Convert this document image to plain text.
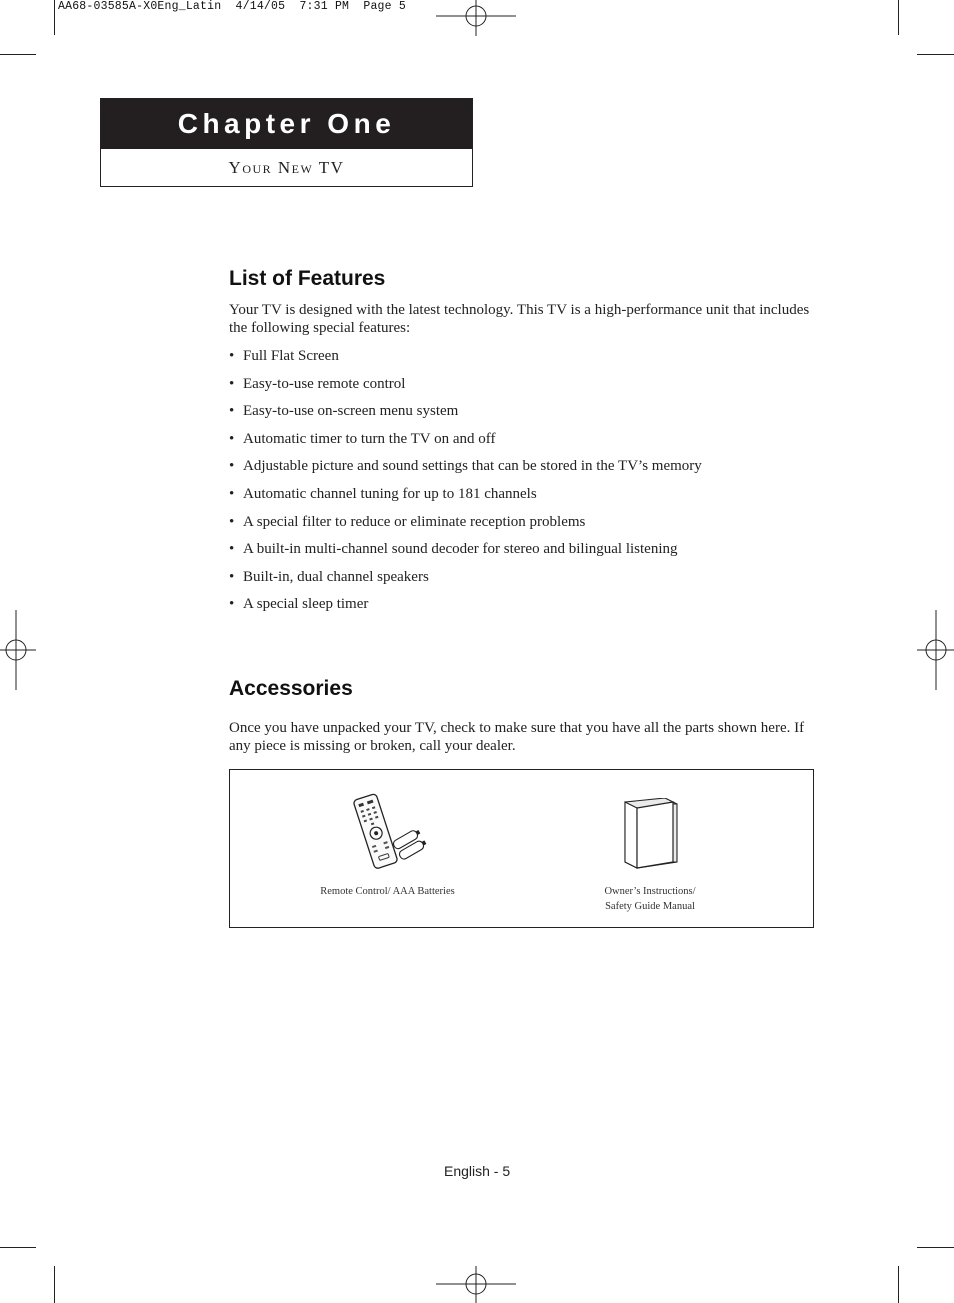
AA68-03585A-X0Eng_Latin  4/14/05  7:31 PM  Page 5
Chapter One
Your New TV
List of Features

Your TV is designed with the latest technology. This TV is a high-performance unit that includes the following special features:

• Full Flat Screen
• Easy-to-use remote control
• Easy-to-use on-screen menu system
• Automatic timer to turn the TV on and off
• Adjustable picture and sound settings that can be stored in the TV’s memory
• Automatic channel tuning for up to 181 channels
• A special filter to reduce or eliminate reception problems
• A built-in multi-channel sound decoder for stereo and bilingual listening
• Built-in, dual channel speakers
• A special sleep timer
Accessories

Once you have unpacked your TV, check to make sure that you have all the parts shown here. If any piece is missing or broken, call your dealer.

Remote Control/ AAA Batteries	Owner’s Instructions/
Safety Guide Manual
English - 5
